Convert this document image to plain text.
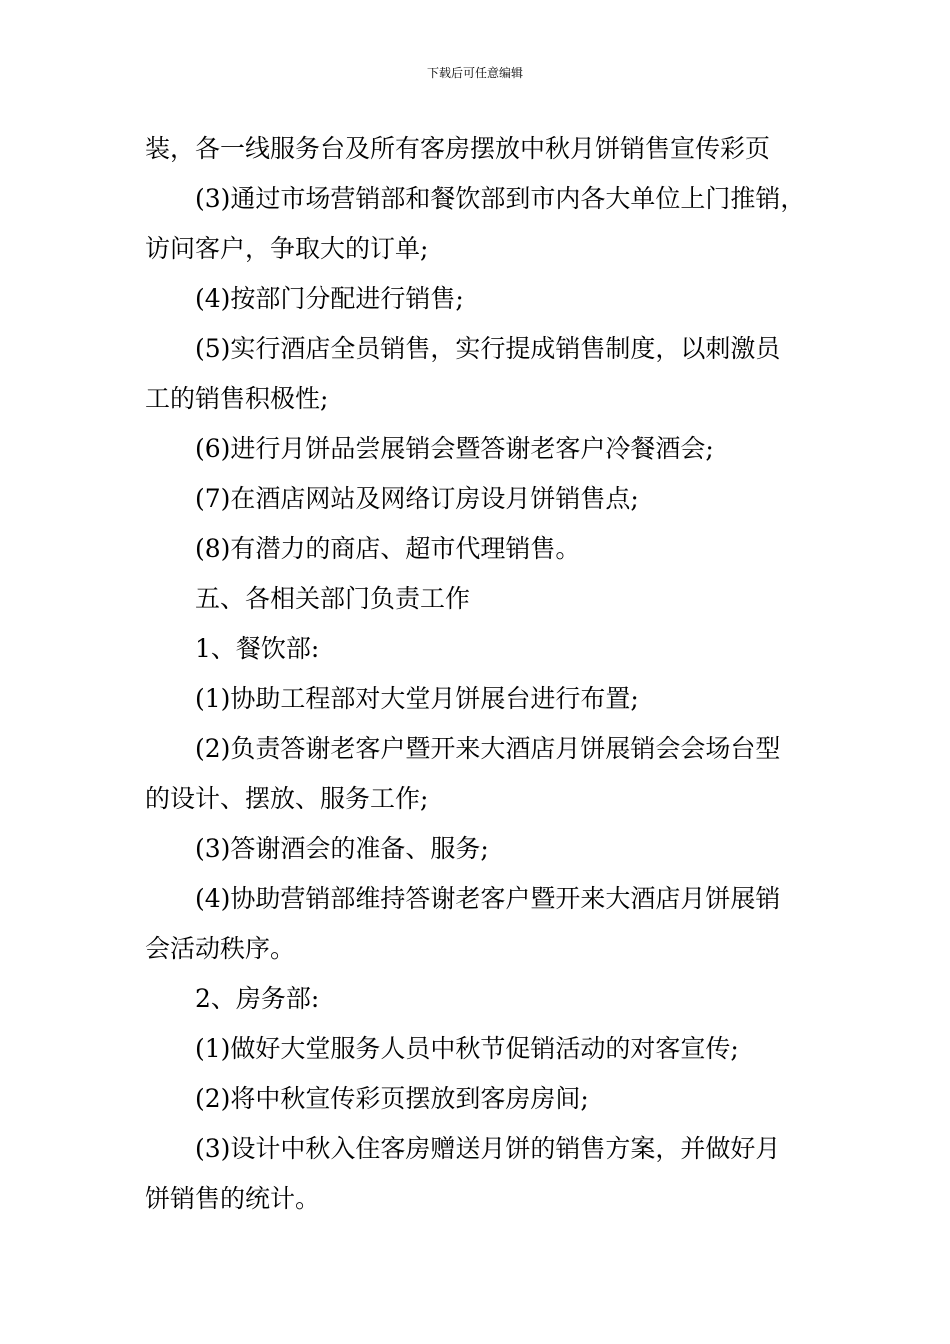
下载后可任意编辑
装，各一线服务台及所有客房摆放中秋月饼销售宣传彩页
(3)通过市场营销部和餐饮部到市内各大单位上门推销，
访问客户，争取大的订单;
(4)按部门分配进行销售;
(5)实行酒店全员销售，实行提成销售制度，以刺激员
工的销售积极性;
(6)进行月饼品尝展销会暨答谢老客户冷餐酒会;
(7)在酒店网站及网络订房设月饼销售点;
(8)有潜力的商店、超市代理销售。
五、各相关部门负责工作
1、餐饮部:
(1)协助工程部对大堂月饼展台进行布置;
(2)负责答谢老客户暨开来大酒店月饼展销会会场台型
的设计、摆放、服务工作;
(3)答谢酒会的准备、服务;
(4)协助营销部维持答谢老客户暨开来大酒店月饼展销
会活动秩序。
2、房务部:
(1)做好大堂服务人员中秋节促销活动的对客宣传;
(2)将中秋宣传彩页摆放到客房房间;
(3)设计中秋入住客房赠送月饼的销售方案，并做好月
饼销售的统计。
